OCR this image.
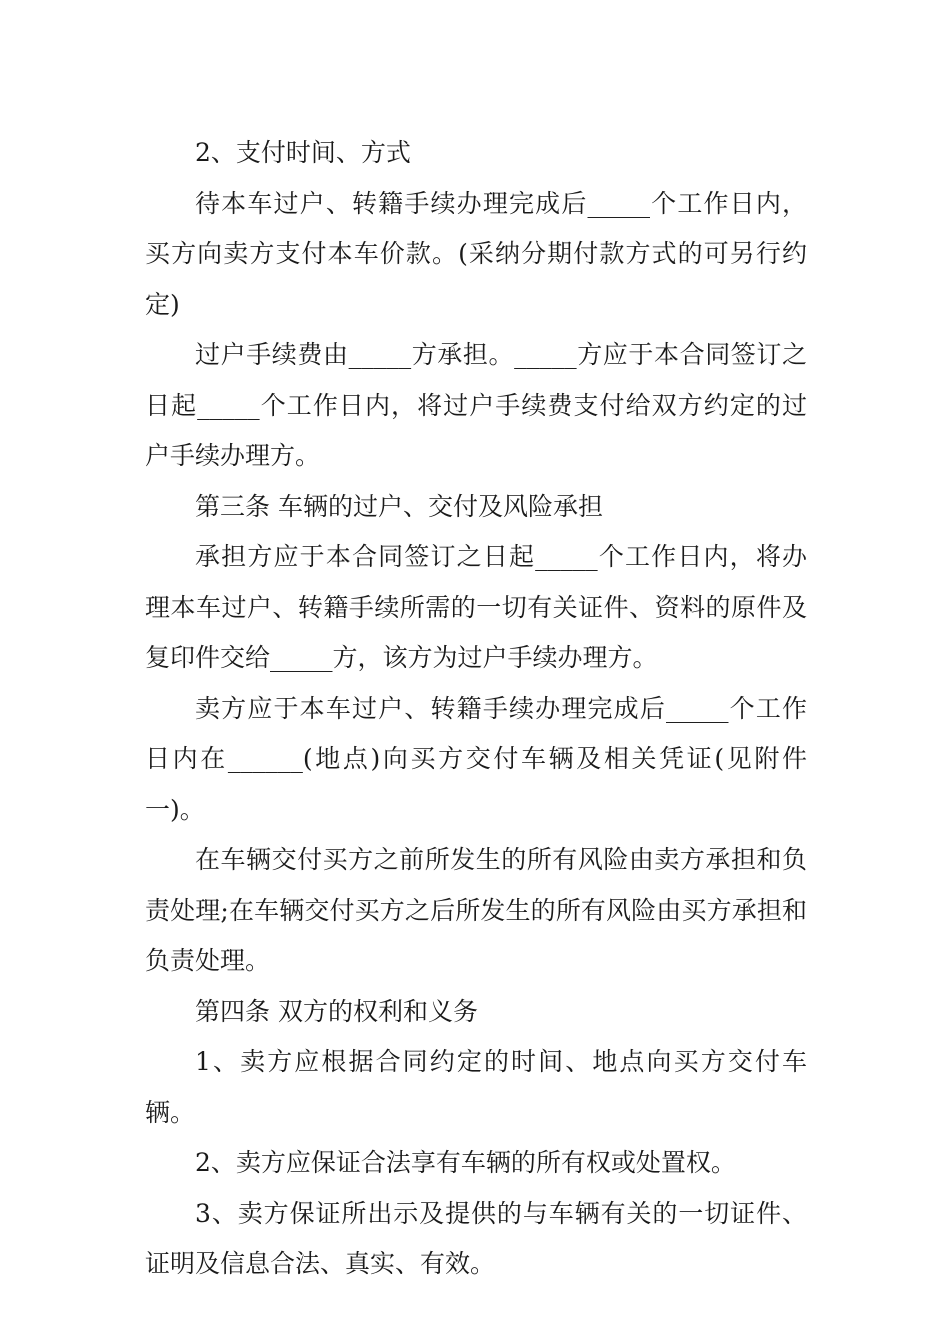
2、支付时间、方式

待本车过户、转籍手续办理完成后_____个工作日内，买方向卖方支付本车价款。(采纳分期付款方式的可另行约定)

过户手续费由_____方承担。_____方应于本合同签订之日起_____个工作日内，将过户手续费支付给双方约定的过户手续办理方。

第三条 车辆的过户、交付及风险承担

承担方应于本合同签订之日起_____个工作日内，将办理本车过户、转籍手续所需的一切有关证件、资料的原件及复印件交给_____方，该方为过户手续办理方。

卖方应于本车过户、转籍手续办理完成后_____个工作日内在______(地点)向买方交付车辆及相关凭证(见附件一)。

在车辆交付买方之前所发生的所有风险由卖方承担和负责处理;在车辆交付买方之后所发生的所有风险由买方承担和负责处理。

第四条 双方的权利和义务

1、卖方应根据合同约定的时间、地点向买方交付车辆。

2、卖方应保证合法享有车辆的所有权或处置权。

3、卖方保证所出示及提供的与车辆有关的一切证件、证明及信息合法、真实、有效。
